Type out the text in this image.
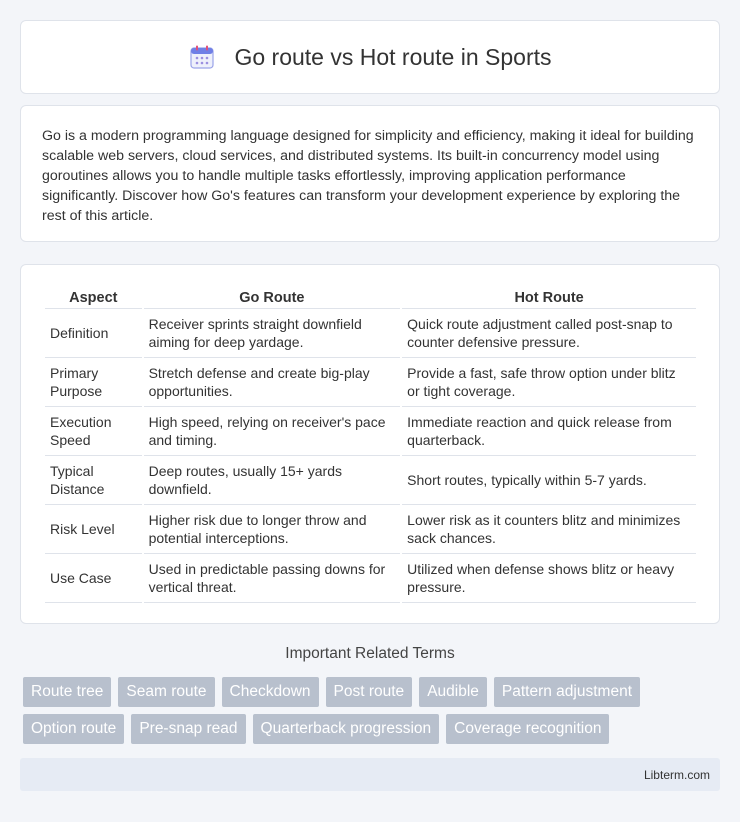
Go route vs Hot route in Sports

Go is a modern programming language designed for simplicity and efficiency, making it ideal for building scalable web servers, cloud services, and distributed systems. Its built-in concurrency model using goroutines allows you to handle multiple tasks effortlessly, improving application performance significantly. Discover how Go's features can transform your development experience by exploring the rest of this article.

Aspect	Go Route	Hot Route
Definition	Receiver sprints straight downfield aiming for deep yardage.	Quick route adjustment called post-snap to counter defensive pressure.
Primary Purpose	Stretch defense and create big-play opportunities.	Provide a fast, safe throw option under blitz or tight coverage.
Execution Speed	High speed, relying on receiver's pace and timing.	Immediate reaction and quick release from quarterback.
Typical Distance	Deep routes, usually 15+ yards downfield.	Short routes, typically within 5-7 yards.
Risk Level	Higher risk due to longer throw and potential interceptions.	Lower risk as it counters blitz and minimizes sack chances.
Use Case	Used in predictable passing downs for vertical threat.	Utilized when defense shows blitz or heavy pressure.
Important Related Terms
Route tree	Seam route	Checkdown	Post route	Audible	Pattern adjustment
Option route	Pre-snap read	Quarterback progression	Coverage recognition
Libterm.com
